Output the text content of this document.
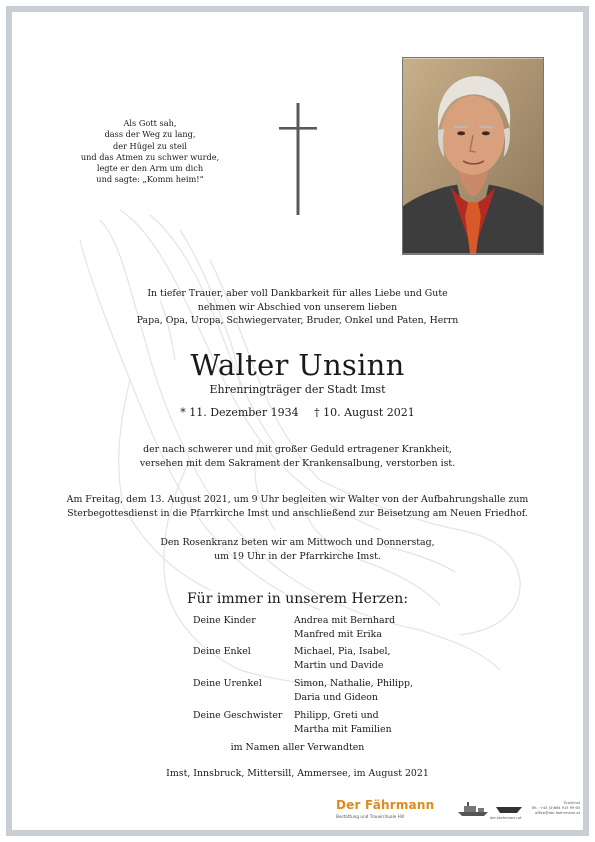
Als Gott sah,
dass der Weg zu lang,
der Hügel zu steil
und das Atmen zu schwer wurde,
legte er den Arm um dich
und sagte: „Komm heim!“
In tiefer Trauer, aber voll Dankbarkeit für alles Liebe und Gute
nehmen wir Abschied von unserem lieben
Papa, Opa, Uropa, Schwiegervater, Bruder, Onkel und Paten, Herrn
Walter Unsinn
Ehrenringträger der Stadt Imst
* 11. Dezember 1934 † 10. August 2021
der nach schwerer und mit großer Geduld ertragener Krankheit,
versehen mit dem Sakrament der Krankensalbung, verstorben ist.
Am Freitag, dem 13. August 2021, um 9 Uhr begleiten wir Walter von der Aufbahrungshalle zum
Sterbegottesdienst in die Pfarrkirche Imst und anschließend zur Beisetzung am Neuen Friedhof.
Den Rosenkranz beten wir am Mittwoch und Donnerstag,
um 19 Uhr in der Pfarrkirche Imst.
Für immer in unserem Herzen:
Deine Kinder	Andrea mit Bernhard
Manfred mit Erika
Deine Enkel	Michael, Pia, Isabel,
Martin und Davide
Deine Urenkel	Simon, Nathalie, Philipp,
Daria und Gideon
Deine Geschwister	Philipp, Greti und
Martha mit Familien
im Namen aller Verwandten
Imst, Innsbruck, Mittersill, Ammersee, im August 2021
Der Fährmann
Bestattung und Trauerrituale Hill
Tirol/Imst
Tel.: +43 (0)664 915 99 60
office@der-faehrmann.at
der-faehrmann.at
